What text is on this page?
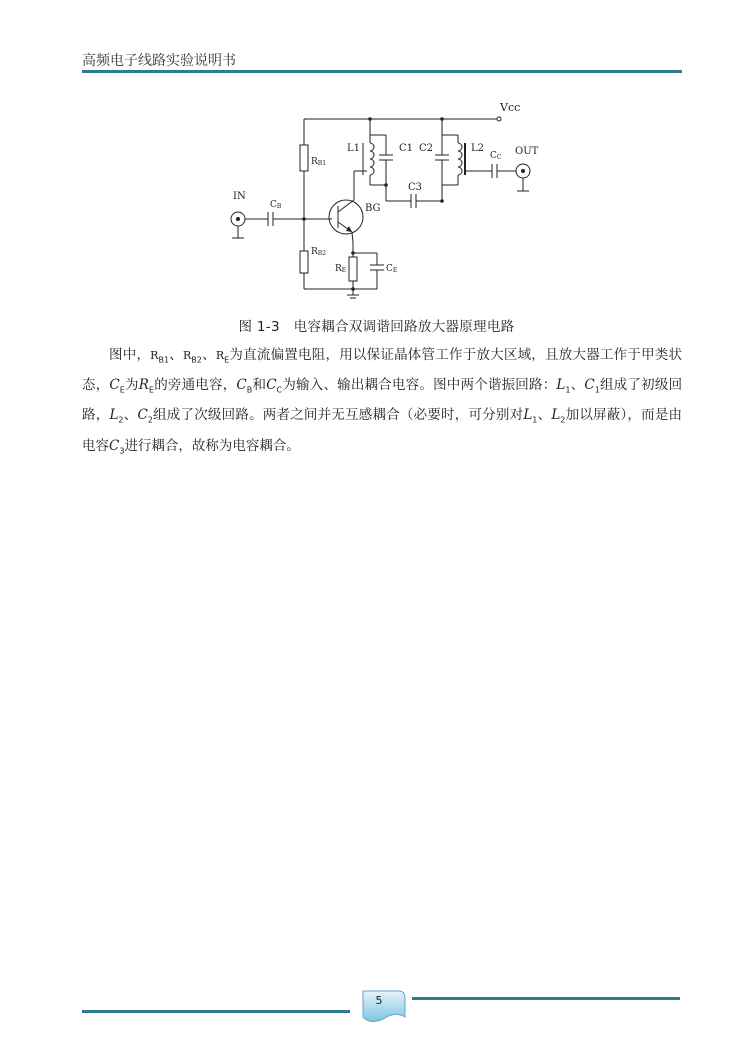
高频电子线路实验说明书
Vcc
IN
OUT
BG
L1	C1 C2	L2
C3
RB1
RB2
CB
CC
RE	CE
图 1-3　电容耦合双调谐回路放大器原理电路

图中，$R_{B1}$、$R_{B2}$、$R_E$为直流偏置电阻，用以保证晶体管工作于放大区域，且放大器工作于甲类状态，$C_E$为$R_E$的旁通电容，$C_B$和$C_C$为输入、输出耦合电容。图中两个谐振回路：$L_1$、$C_1$组成了初级回路，$L_2$、$C_2$组成了次级回路。两者之间并无互感耦合（必要时，可分别对$L_1$、$L_2$加以屏蔽），而是由电容$C_3$进行耦合，故称为电容耦合。

5
